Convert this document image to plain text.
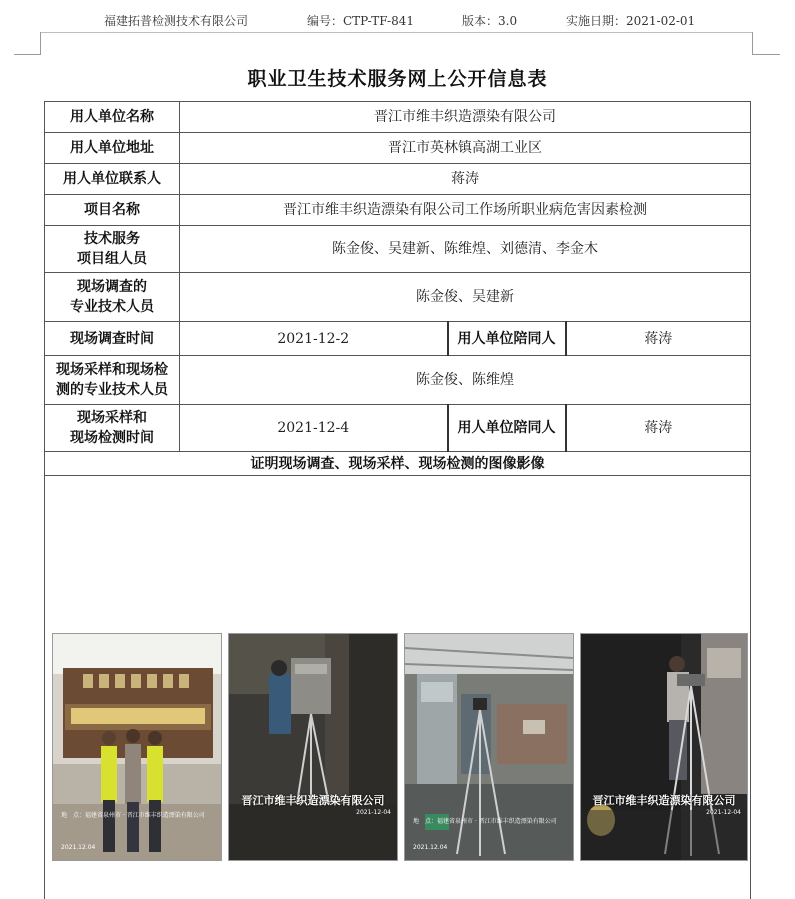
福建拓普检测技术有限公司	编号：CTP-TF-841	版本：3.0	实施日期：2021-02-01
职业卫生技术服务网上公开信息表
用人单位名称	晋江市维丰织造漂染有限公司		
用人单位地址	晋江市英林镇高湖工业区		
用人单位联系人	蒋涛		
项目名称	晋江市维丰织造漂染有限公司工作场所职业病危害因素检测		

技术服务
项目组人员	陈金俊、吴建新、陈维煌、刘德清、李金木		

现场调查的
专业技术人员	陈金俊、吴建新		
现场调查时间	2021-12-2	用人单位陪同人	蒋涛

现场采样和现场检
测的专业技术人员	陈金俊、陈维煌		

现场采样和
现场检测时间	2021-12-4	用人单位陪同人	蒋涛
证明现场调查、现场采样、现场检测的图像影像			
地　点：福建省泉州市 · 晋江市维丰织造漂染有限公司
2021.12.04
晋江市维丰织造漂染有限公司
2021-12-04
地　点：福建省泉州市 · 晋江市维丰织造漂染有限公司
2021.12.04
晋江市维丰织造漂染有限公司
2021-12-04
